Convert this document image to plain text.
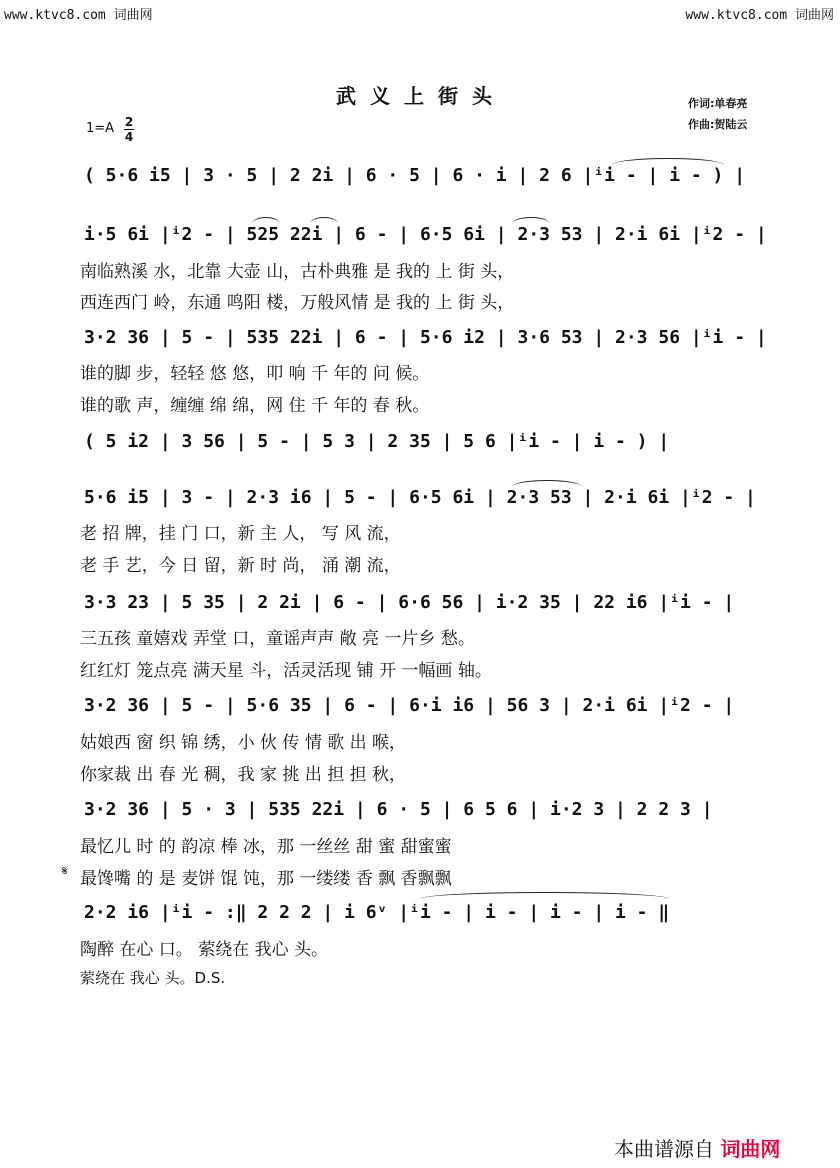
www.ktvc8.com 词曲网	www.ktvc8.com 词曲网
武义上街头	作词:单春亮
作曲:贺陆云
1=A 2
4
( 5·6 i5 | 3 · 5 | 2 2i | 6 · 5 | 6 · i | 2 6 |ⁱi - | i - ) |
i·5 6i |ⁱ2 - | 525 22i | 6 - | 6·5 6i | 2·3 53 | 2·i 6i |ⁱ2 - |
南临熟溪 水，北靠 大壶 山，古朴典雅 是 我的 上 街 头，
西连西门 岭，东通 鸣阳 楼，万般风情 是 我的 上 街 头，
3·2 36 | 5 - | 535 22i | 6 - | 5·6 i2 | 3·6 53 | 2·3 56 |ⁱi - |
谁的脚 步，轻轻 悠 悠，叩 响 千 年的 问 候。
谁的歌 声，缠缠 绵 绵，网 住 千 年的 春 秋。
( 5 i2 | 3 56 | 5 - | 5 3 | 2 35 | 5 6 |ⁱi - | i - ) |
5·6 i5 | 3 - | 2·3 i6 | 5 - | 6·5 6i | 2·3 53 | 2·i 6i |ⁱ2 - |
老 招 牌，挂 门 口，新 主 人， 写 风 流，
老 手 艺，今 日 留，新 时 尚， 涌 潮 流，
3·3 23 | 5 35 | 2 2i | 6 - | 6·6 56 | i·2 35 | 22 i6 |ⁱi - |
三五孩 童嬉戏 弄堂 口，童谣声声 敞 亮 一片乡 愁。
红红灯 笼点亮 满天星 斗，活灵活现 铺 开 一幅画 轴。
3·2 36 | 5 - | 5·6 35 | 6 - | 6·i i6 | 56 3 | 2·i 6i |ⁱ2 - |
姑娘西 窗 织 锦 绣，小 伙 传 情 歌 出 喉，
你家裁 出 春 光 稠，我 家 挑 出 担 担 秋，
3·2 36 | 5 · 3 | 535 22i | 6 · 5 | 6 5 6 | i·2 3 | 2 2 3 |
最忆儿 时 的 韵凉 棒 冰，那 一丝丝 甜 蜜 甜蜜蜜
𝄋 最馋嘴 的 是 麦饼 馄 饨，那 一缕缕 香 飘 香飘飘
2·2 i6 |ⁱi - :‖ 2 2 2 | i 6ᵛ |ⁱi - | i - | i - | i - ‖
陶醉 在心 口。 萦绕在 我心 头。
萦绕在 我心 头。D.S.
本曲谱源自 词曲网
